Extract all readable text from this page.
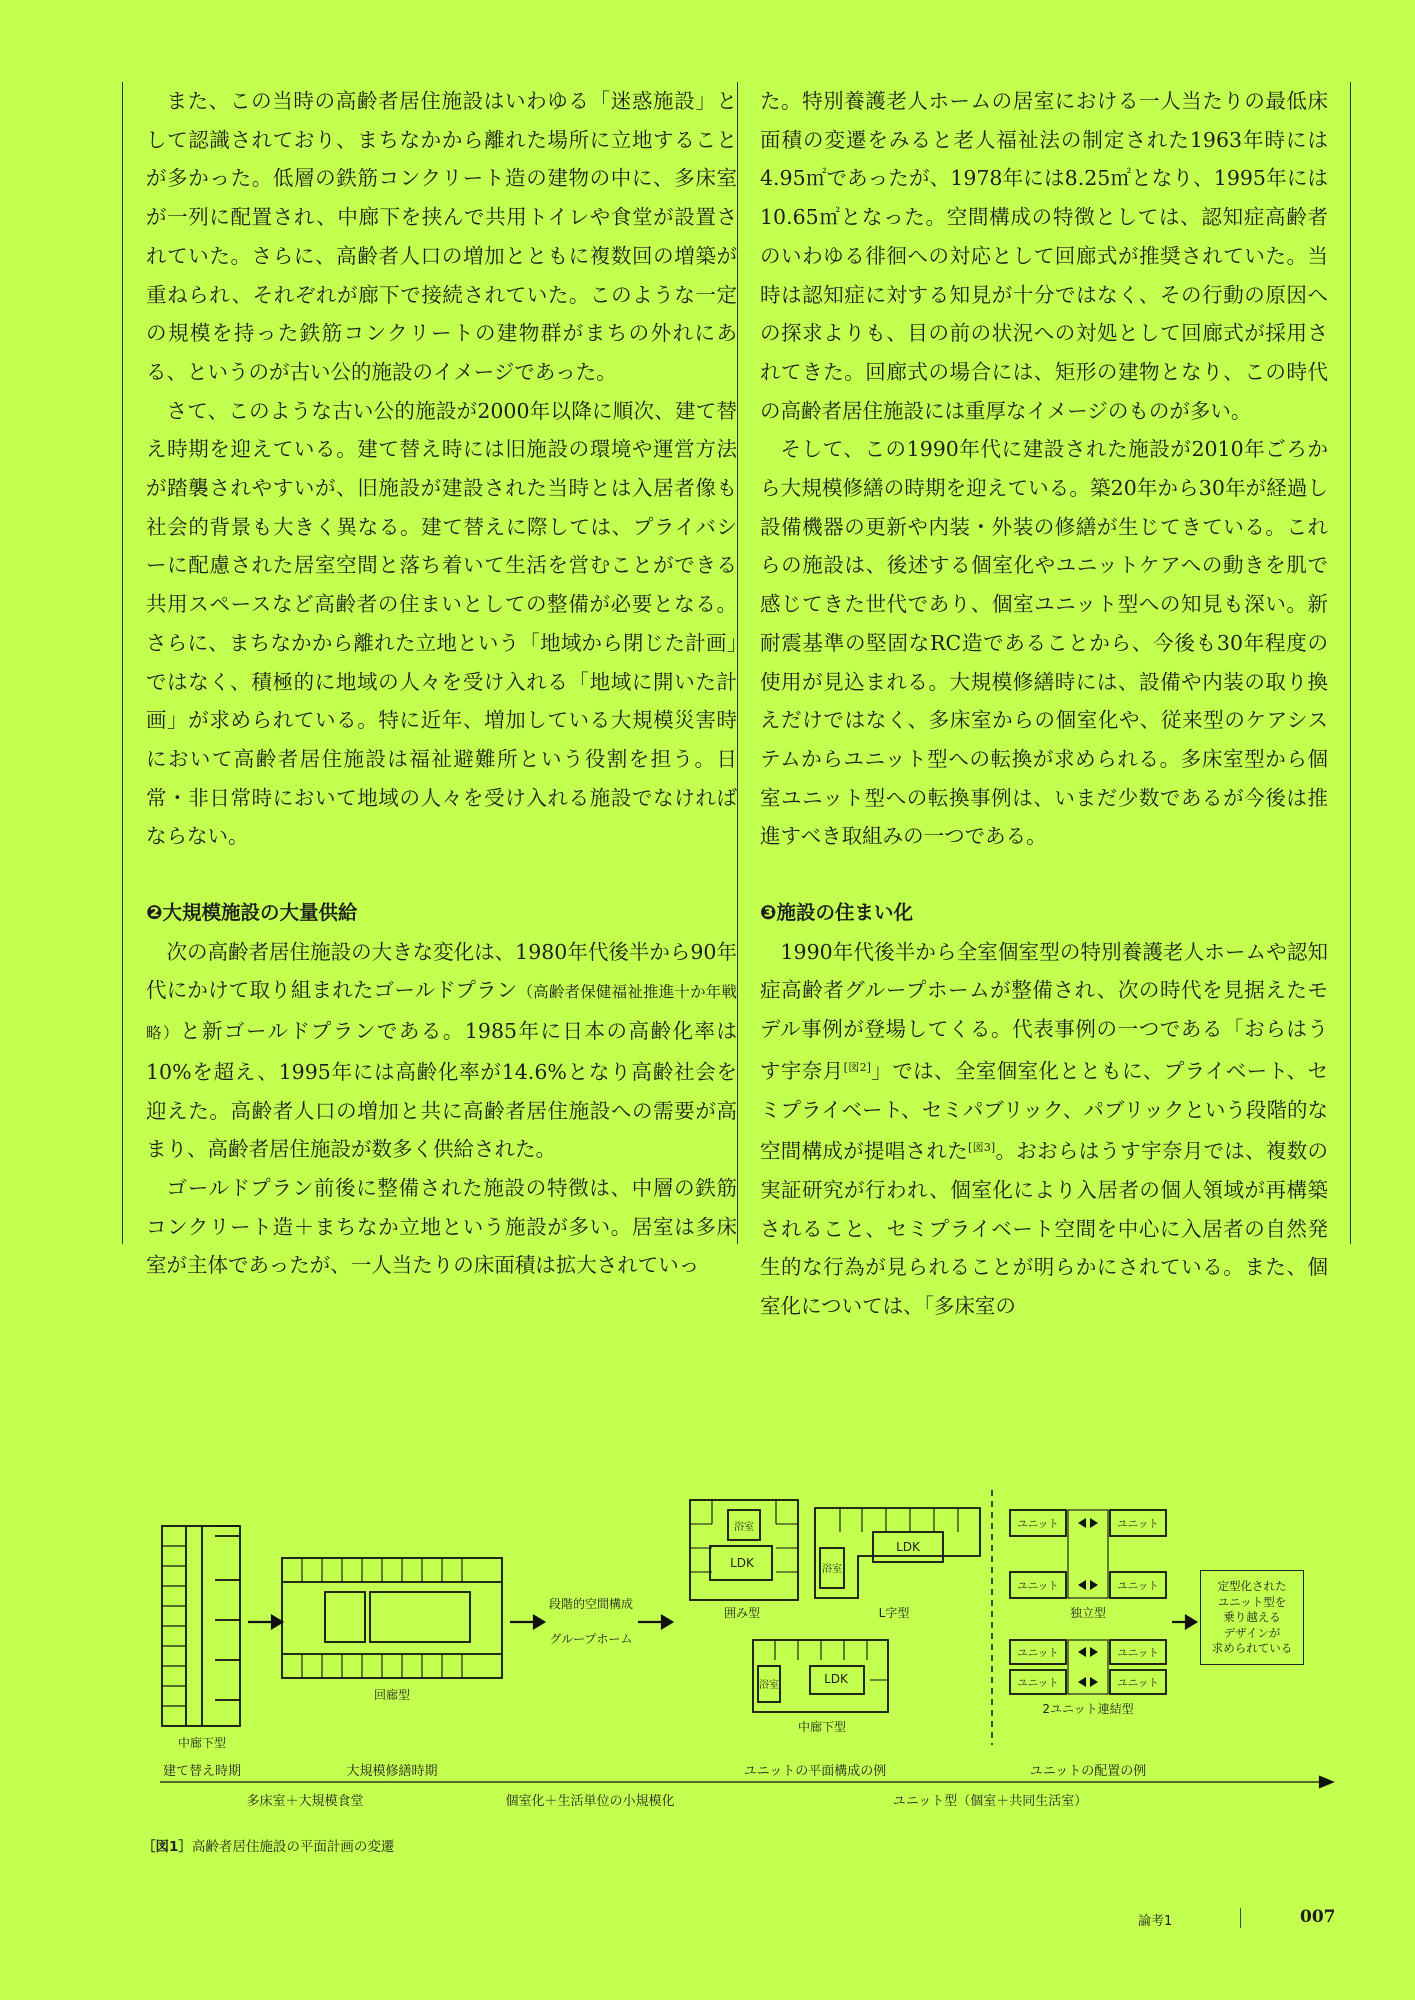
また、この当時の高齢者居住施設はいわゆる「迷惑施設」として認識されており、まちなかから離れた場所に立地することが多かった。低層の鉄筋コンクリート造の建物の中に、多床室が一列に配置され、中廊下を挟んで共用トイレや食堂が設置されていた。さらに、高齢者人口の増加とともに複数回の増築が重ねられ、それぞれが廊下で接続されていた。このような一定の規模を持った鉄筋コンクリートの建物群がまちの外れにある、というのが古い公的施設のイメージであった。

さて、このような古い公的施設が2000年以降に順次、建て替え時期を迎えている。建て替え時には旧施設の環境や運営方法が踏襲されやすいが、旧施設が建設された当時とは入居者像も社会的背景も大きく異なる。建て替えに際しては、プライバシーに配慮された居室空間と落ち着いて生活を営むことができる共用スペースなど高齢者の住まいとしての整備が必要となる。さらに、まちなかから離れた立地という「地域から閉じた計画」ではなく、積極的に地域の人々を受け入れる「地域に開いた計画」が求められている。特に近年、増加している大規模災害時において高齢者居住施設は福祉避難所という役割を担う。日常・非日常時において地域の人々を受け入れる施設でなければならない。

❷大規模施設の大量供給

次の高齢者居住施設の大きな変化は、1980年代後半から90年代にかけて取り組まれたゴールドプラン（高齢者保健福祉推進十か年戦略）と新ゴールドプランである。1985年に日本の高齢化率は10%を超え、1995年には高齢化率が14.6%となり高齢社会を迎えた。高齢者人口の増加と共に高齢者居住施設への需要が高まり、高齢者居住施設が数多く供給された。

ゴールドプラン前後に整備された施設の特徴は、中層の鉄筋コンクリート造＋まちなか立地という施設が多い。居室は多床室が主体であったが、一人当たりの床面積は拡大されていっ

た。特別養護老人ホームの居室における一人当たりの最低床面積の変遷をみると老人福祉法の制定された1963年時には4.95㎡であったが、1978年には8.25㎡となり、1995年には10.65㎡となった。空間構成の特徴としては、認知症高齢者のいわゆる徘徊への対応として回廊式が推奨されていた。当時は認知症に対する知見が十分ではなく、その行動の原因への探求よりも、目の前の状況への対処として回廊式が採用されてきた。回廊式の場合には、矩形の建物となり、この時代の高齢者居住施設には重厚なイメージのものが多い。

そして、この1990年代に建設された施設が2010年ごろから大規模修繕の時期を迎えている。築20年から30年が経過し設備機器の更新や内装・外装の修繕が生じてきている。これらの施設は、後述する個室化やユニットケアへの動きを肌で感じてきた世代であり、個室ユニット型への知見も深い。新耐震基準の堅固なRC造であることから、今後も30年程度の使用が見込まれる。大規模修繕時には、設備や内装の取り換えだけではなく、多床室からの個室化や、従来型のケアシステムからユニット型への転換が求められる。多床室型から個室ユニット型への転換事例は、いまだ少数であるが今後は推進すべき取組みの一つである。

❸施設の住まい化

1990年代後半から全室個室型の特別養護老人ホームや認知症高齢者グループホームが整備され、次の時代を見据えたモデル事例が登場してくる。代表事例の一つである「おらはうす宇奈月[図2]」では、全室個室化とともに、プライベート、セミプライベート、セミパブリック、パブリックという段階的な空間構成が提唱された[図3]。おおらはうす宇奈月では、複数の実証研究が行われ、個室化により入居者の個人領域が再構築されること、セミプライベート空間を中心に入居者の自然発生的な行為が見られることが明らかにされている。また、個室化については、「多床室の

中廊下型
回廊型
段階的空間構成
グループホーム
囲み型	L字型
中廊下型
独立型
2ユニット連結型
LDK
LDK
LDK
浴室
浴室
浴室
ユニット	ユニット
ユニット	ユニット
ユニット	ユニット
ユニット	ユニット
定型化された
ユニット型を
乗り越える
デザインが
求められている
建て替え時期	大規模修繕時期	ユニットの平面構成の例	ユニットの配置の例
多床室＋大規模食堂	個室化＋生活単位の小規模化	ユニット型（個室＋共同生活室）
［図1］高齢者居住施設の平面計画の変遷
論考1	007
